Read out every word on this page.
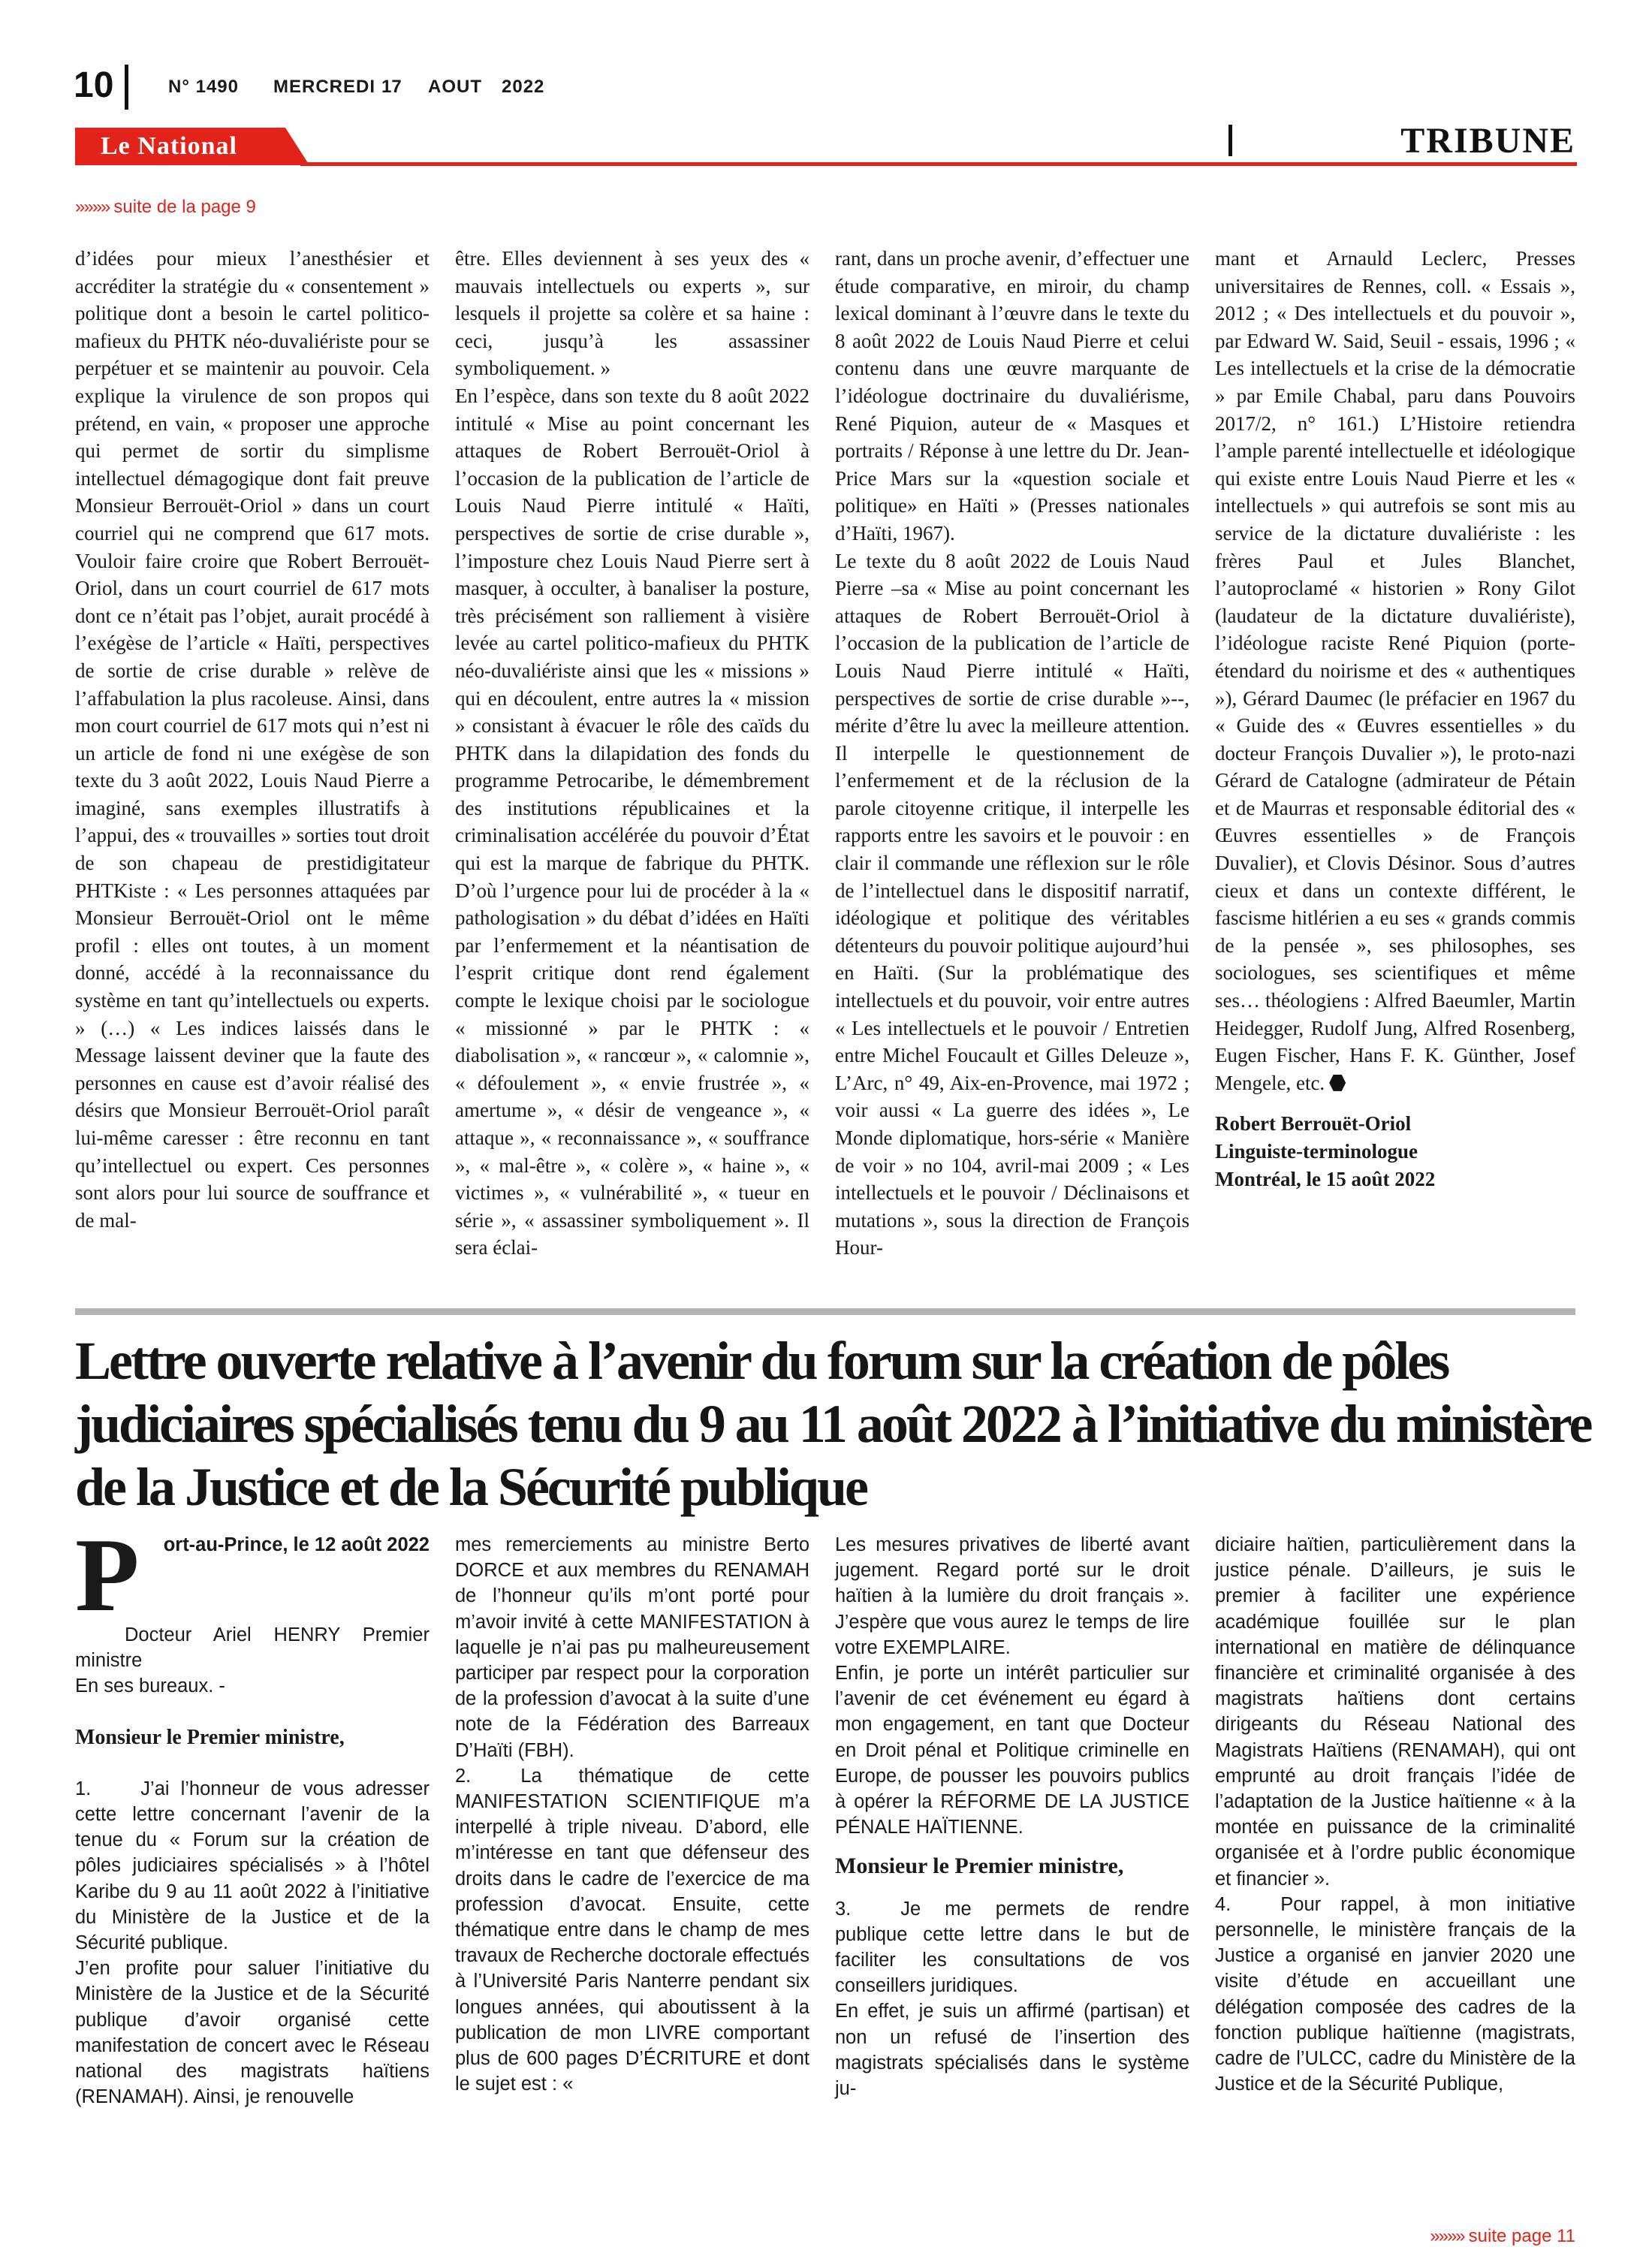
10	N° 1490 MERCREDI 17 AOUT 2022
Le National	TRIBUNE
»»»» suite de la page 9

d’idées pour mieux l’anesthésier et accréditer la stratégie du « consentement » politique dont a besoin le cartel politico-mafieux du PHTK néo-duvaliériste pour se perpétuer et se maintenir au pouvoir. Cela explique la virulence de son propos qui prétend, en vain, « proposer une approche qui permet de sortir du simplisme intellectuel démagogique dont fait preuve Monsieur Berrouët-Oriol » dans un court courriel qui ne comprend que 617 mots. Vouloir faire croire que Robert Berrouët-Oriol, dans un court courriel de 617 mots dont ce n’était pas l’objet, aurait procédé à l’exégèse de l’article « Haïti, perspectives de sortie de crise durable » relève de l’affabulation la plus racoleuse. Ainsi, dans mon court courriel de 617 mots qui n’est ni un article de fond ni une exégèse de son texte du 3 août 2022, Louis Naud Pierre a imaginé, sans exemples illustratifs à l’appui, des « trouvailles » sorties tout droit de son chapeau de prestidigitateur PHTKiste : « Les personnes attaquées par Monsieur Berrouët-Oriol ont le même profil : elles ont toutes, à un moment donné, accédé à la reconnaissance du système en tant qu’intellectuels ou experts. » (…) « Les indices laissés dans le Message laissent deviner que la faute des personnes en cause est d’avoir réalisé des désirs que Monsieur Berrouët-Oriol paraît lui-même caresser : être reconnu en tant qu’intellectuel ou expert. Ces personnes sont alors pour lui source de souffrance et de mal-

être. Elles deviennent à ses yeux des « mauvais intellectuels ou experts », sur lesquels il projette sa colère et sa haine : ceci, jusqu’à les assassiner symboliquement. »

En l’espèce, dans son texte du 8 août 2022 intitulé « Mise au point concernant les attaques de Robert Berrouët-Oriol à l’occasion de la publication de l’article de Louis Naud Pierre intitulé « Haïti, perspectives de sortie de crise durable », l’imposture chez Louis Naud Pierre sert à masquer, à occulter, à banaliser la posture, très précisément son ralliement à visière levée au cartel politico-mafieux du PHTK néo-duvaliériste ainsi que les « missions » qui en découlent, entre autres la « mission » consistant à évacuer le rôle des caïds du PHTK dans la dilapidation des fonds du programme Petrocaribe, le démembrement des institutions républicaines et la criminalisation accélérée du pouvoir d’État qui est la marque de fabrique du PHTK. D’où l’urgence pour lui de procéder à la « pathologisation » du débat d’idées en Haïti par l’enfermement et la néantisation de l’esprit critique dont rend également compte le lexique choisi par le sociologue « missionné » par le PHTK : « diabolisation », « rancœur », « calomnie », « défoulement », « envie frustrée », « amertume », « désir de vengeance », « attaque », « reconnaissance », « souffrance », « mal-être », « colère », « haine », « victimes », « vulnérabilité », « tueur en série », « assassiner symboliquement ». Il sera éclai-

rant, dans un proche avenir, d’effectuer une étude comparative, en miroir, du champ lexical dominant à l’œuvre dans le texte du 8 août 2022 de Louis Naud Pierre et celui contenu dans une œuvre marquante de l’idéologue doctrinaire du duvaliérisme, René Piquion, auteur de « Masques et portraits / Réponse à une lettre du Dr. Jean-Price Mars sur la «question sociale et politique» en Haïti » (Presses nationales d’Haïti, 1967).

Le texte du 8 août 2022 de Louis Naud Pierre –sa « Mise au point concernant les attaques de Robert Berrouët-Oriol à l’occasion de la publication de l’article de Louis Naud Pierre intitulé « Haïti, perspectives de sortie de crise durable »--, mérite d’être lu avec la meilleure attention. Il interpelle le questionnement de l’enfermement et de la réclusion de la parole citoyenne critique, il interpelle les rapports entre les savoirs et le pouvoir : en clair il commande une réflexion sur le rôle de l’intellectuel dans le dispositif narratif, idéologique et politique des véritables détenteurs du pouvoir politique aujourd’hui en Haïti. (Sur la problématique des intellectuels et du pouvoir, voir entre autres « Les intellectuels et le pouvoir / Entretien entre Michel Foucault et Gilles Deleuze », L’Arc, n° 49, Aix-en-Provence, mai 1972 ; voir aussi « La guerre des idées », Le Monde diplomatique, hors-série « Manière de voir » no 104, avril-mai 2009 ; « Les intellectuels et le pouvoir / Déclinaisons et mutations », sous la direction de François Hour-

mant et Arnauld Leclerc, Presses universitaires de Rennes, coll. « Essais », 2012 ; « Des intellectuels et du pouvoir », par Edward W. Said, Seuil - essais, 1996 ; « Les intellectuels et la crise de la démocratie » par Emile Chabal, paru dans Pouvoirs 2017/2, n° 161.) L’Histoire retiendra l’ample parenté intellectuelle et idéologique qui existe entre Louis Naud Pierre et les « intellectuels » qui autrefois se sont mis au service de la dictature duvaliériste : les frères Paul et Jules Blanchet, l’autoproclamé « historien » Rony Gilot (laudateur de la dictature duvaliériste), l’idéologue raciste René Piquion (porte-étendard du noirisme et des « authentiques »), Gérard Daumec (le préfacier en 1967 du « Guide des « Œuvres essentielles » du docteur François Duvalier »), le proto-nazi Gérard de Catalogne (admirateur de Pétain et de Maurras et responsable éditorial des « Œuvres essentielles » de François Duvalier), et Clovis Désinor. Sous d’autres cieux et dans un contexte différent, le fascisme hitlérien a eu ses « grands commis de la pensée », ses philosophes, ses sociologues, ses scientifiques et même ses… théologiens : Alfred Baeumler, Martin Heidegger, Rudolf Jung, Alfred Rosenberg, Eugen Fischer, Hans F. K. Günther, Josef Mengele, etc.

Robert Berrouët-Oriol
Linguiste-terminologue
Montréal, le 15 août 2022

Lettre ouverte relative à l’avenir du forum sur la création de pôles judiciaires spécialisés tenu du 9 au 11 août 2022 à l’initiative du ministère de la Justice et de la Sécurité publique

P	ort-au-Prince, le 12 août 2022

Docteur Ariel HENRY Premier ministre

En ses bureaux. -

Monsieur le Premier ministre,

1.	J’ai l’honneur de vous adresser cette lettre concernant l’avenir de la tenue du « Forum sur la création de pôles judiciaires spécialisés » à l’hôtel Karibe du 9 au 11 août 2022 à l’initiative du Ministère de la Justice et de la Sécurité publique.

J’en profite pour saluer l’initiative du Ministère de la Justice et de la Sécurité publique d’avoir organisé cette manifestation de concert avec le Réseau national des magistrats haïtiens (RENAMAH). Ainsi, je renouvelle

mes remerciements au ministre Berto DORCE et aux membres du RENAMAH de l’honneur qu’ils m’ont porté pour m’avoir invité à cette MANIFESTATION à laquelle je n’ai pas pu malheureusement participer par respect pour la corporation de la profession d’avocat à la suite d’une note de la Fédération des Barreaux D’Haïti (FBH).

2.	La thématique de cette MANIFESTATION SCIENTIFIQUE m’a interpellé à triple niveau. D’abord, elle m’intéresse en tant que défenseur des droits dans le cadre de l’exercice de ma profession d’avocat. Ensuite, cette thématique entre dans le champ de mes travaux de Recherche doctorale effectués à l’Université Paris Nanterre pendant six longues années, qui aboutissent à la publication de mon LIVRE comportant plus de 600 pages D’ÉCRITURE et dont le sujet est : «

Les mesures privatives de liberté avant jugement. Regard porté sur le droit haïtien à la lumière du droit français ». J’espère que vous aurez le temps de lire votre EXEMPLAIRE.

Enfin, je porte un intérêt particulier sur l’avenir de cet événement eu égard à mon engagement, en tant que Docteur en Droit pénal et Politique criminelle en Europe, de pousser les pouvoirs publics à opérer la RÉFORME DE LA JUSTICE PÉNALE HAÏTIENNE.

Monsieur le Premier ministre,

3.	Je me permets de rendre publique cette lettre dans le but de faciliter les consultations de vos conseillers juridiques.

En effet, je suis un affirmé (partisan) et non un refusé de l’insertion des magistrats spécialisés dans le système ju-

diciaire haïtien, particulièrement dans la justice pénale. D’ailleurs, je suis le premier à faciliter une expérience académique fouillée sur le plan international en matière de délinquance financière et criminalité organisée à des magistrats haïtiens dont certains dirigeants du Réseau National des Magistrats Haïtiens (RENAMAH), qui ont emprunté au droit français l’idée de l’adaptation de la Justice haïtienne « à la montée en puissance de la criminalité organisée et à l’ordre public économique et financier ».

4.	Pour rappel, à mon initiative personnelle, le ministère français de la Justice a organisé en janvier 2020 une visite d’étude en accueillant une délégation composée des cadres de la fonction publique haïtienne (magistrats, cadre de l’ULCC, cadre du Ministère de la Justice et de la Sécurité Publique,

»»»» suite page 11
